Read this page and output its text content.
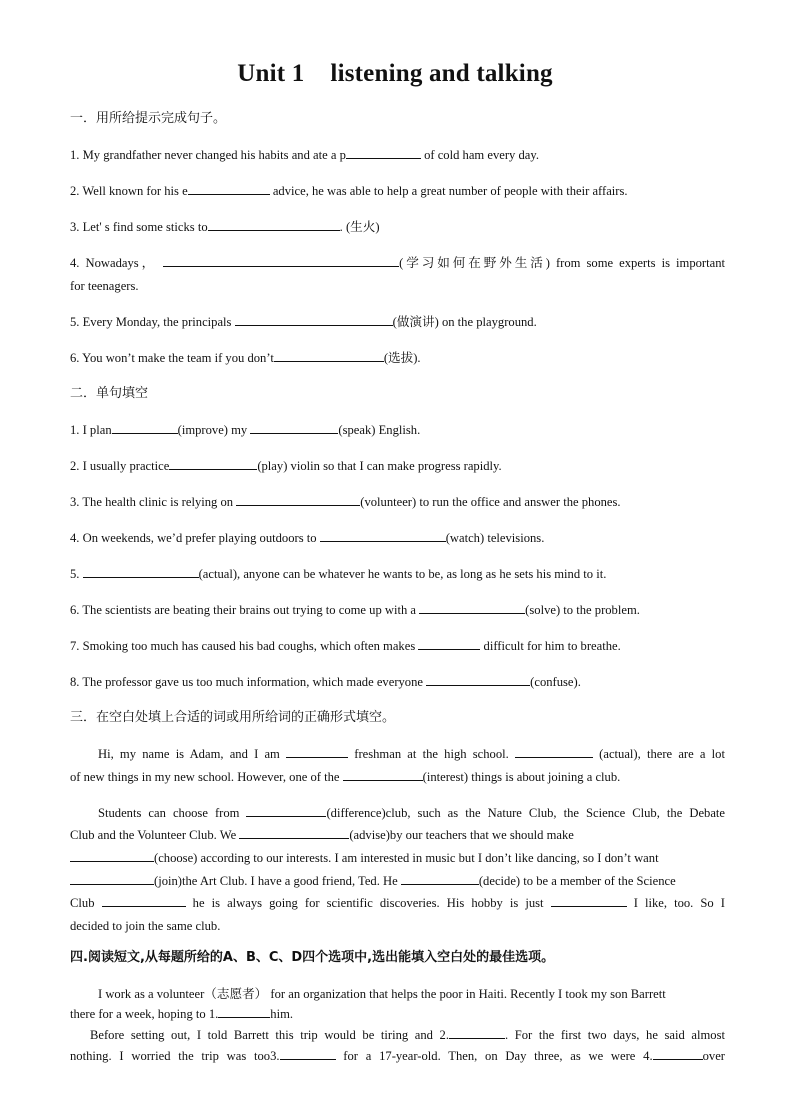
Unit 1 listening and talking
一．用所给提示完成句子。
1. My grandfather never changed his habits and ate a p	of cold ham every day.
2. Well known for his e	advice, he was able to help a great number of people with their affairs.
3. Let' s find some sticks to	. (生火)
4. Nowadays，	(学习如何在野外生活) from some experts is important
for teenagers.
5. Every Monday, the principals	(做演讲) on the playground.
6. You won’t make the team if you don’t	(选拔).
二．单句填空
1. I plan	(improve) my	(speak) English.
2. I usually practice	(play) violin so that I can make progress rapidly.
3. The health clinic is relying on	(volunteer) to run the office and answer the phones.
4. On weekends, we’d prefer playing outdoors to	(watch) televisions.
5.	(actual), anyone can be whatever he wants to be, as long as he sets his mind to it.
6. The scientists are beating their brains out trying to come up with a	(solve) to the problem.
7. Smoking too much has caused his bad coughs, which often makes	difficult for him to breathe.
8. The professor gave us too much information, which made everyone	(confuse).
三．在空白处填上合适的词或用所给词的正确形式填空。
Hi, my name is Adam, and I am	freshman at the high school.	(actual), there are a lot
of new things in my new school. However, one of the	(interest) things is about joining a club.
Students can choose from	(difference)club, such as the Nature Club, the Science Club, the Debate
Club and the Volunteer Club. We	(advise)by our teachers that we should make
(choose) according to our interests. I am interested in music but I don’t like dancing, so I don’t want
(join)the Art Club. I have a good friend, Ted. He	(decide) to be a member of the Science
Club	he is always going for scientific discoveries. His hobby is just	I like, too. So I
decided to join the same club.
四.阅读短文,从每题所给的A、B、C、D四个选项中,选出能填入空白处的最佳选项。
I work as a volunteer（志愿者） for an organization that helps the poor in Haiti. Recently I took my son Barrett
there for a week, hoping to 1.	him.
Before setting out, I told Barrett this trip would be tiring and 2.	. For the first two days, he said almost
nothing. I worried the trip was too3.	for a 17-year-old. Then, on Day three, as we were 4.	over
